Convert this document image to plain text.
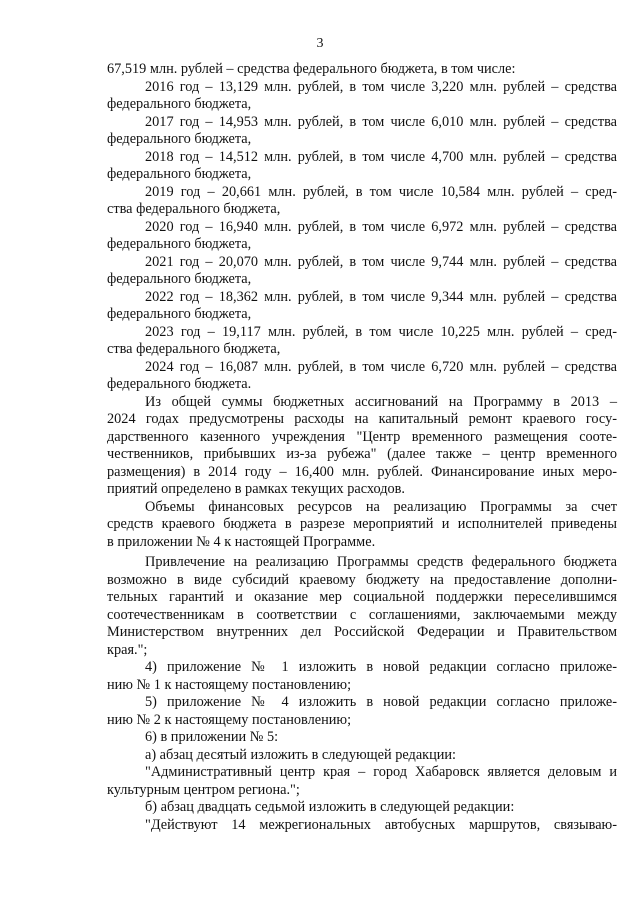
3
67,519 млн. рублей – средства федерального бюджета, в том числе:
2016 год – 13,129 млн. рублей, в том числе 3,220 млн. рублей – средства
федерального бюджета,
2017 год – 14,953 млн. рублей, в том числе 6,010 млн. рублей – средства
федерального бюджета,
2018 год – 14,512 млн. рублей, в том числе 4,700 млн. рублей – средства
федерального бюджета,
2019 год – 20,661 млн. рублей, в том числе 10,584 млн. рублей – сред-
ства федерального бюджета,
2020 год – 16,940 млн. рублей, в том числе 6,972 млн. рублей – средства
федерального бюджета,
2021 год – 20,070 млн. рублей, в том числе 9,744 млн. рублей – средства
федерального бюджета,
2022 год – 18,362 млн. рублей, в том числе 9,344 млн. рублей – средства
федерального бюджета,
2023 год – 19,117 млн. рублей, в том числе 10,225 млн. рублей – сред-
ства федерального бюджета,
2024 год – 16,087 млн. рублей, в том числе 6,720 млн. рублей – средства
федерального бюджета.
Из общей суммы бюджетных ассигнований на Программу в 2013 –
2024 годах предусмотрены расходы на капитальный ремонт краевого госу-
дарственного казенного учреждения "Центр временного размещения соотe-
чественников, прибывших из-за рубежа" (далее также – центр временного
размещения) в 2014 году – 16,400 млн. рублей. Финансирование иных меро-
приятий определено в рамках текущих расходов.
Объемы финансовых ресурсов на реализацию Программы за счет
средств краевого бюджета в разрезе мероприятий и исполнителей приведены
в приложении № 4 к настоящей Программе.
Привлечение на реализацию Программы средств федерального бюджета
возможно в виде субсидий краевому бюджету на предоставление дополни-
тельных гарантий и оказание мер социальной поддержки переселившимся
соотечественникам в соответствии с соглашениями, заключаемыми между
Министерством внутренних дел Российской Федерации и Правительством
края.";
4) приложение № 1 изложить в новой редакции согласно приложе-
нию № 1 к настоящему постановлению;
5) приложение № 4 изложить в новой редакции согласно приложе-
нию № 2 к настоящему постановлению;
6) в приложении № 5:
а) абзац десятый изложить в следующей редакции:
"Административный центр края – город Хабаровск является деловым и
культурным центром региона.";
б) абзац двадцать седьмой изложить в следующей редакции:
"Действуют 14 межрегиональных автобусных маршрутов, связываю-
